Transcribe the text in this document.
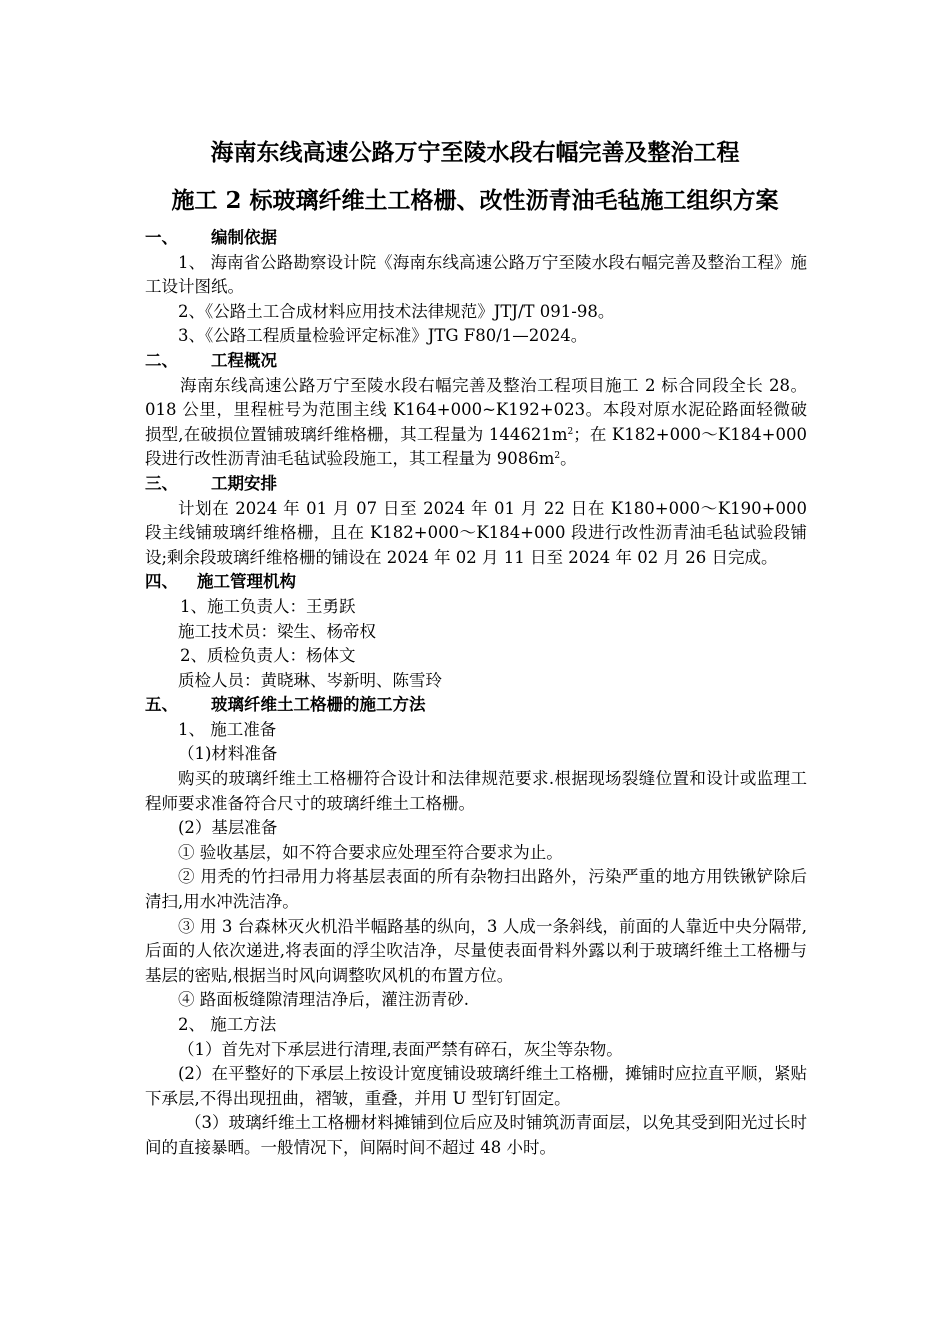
海南东线高速公路万宁至陵水段右幅完善及整治工程
施工 2 标玻璃纤维土工格栅、改性沥青油毛毡施工组织方案
一、 编制依据

1、 海南省公路勘察设计院《海南东线高速公路万宁至陵水段右幅完善及整治工程》施工设计图纸。

2、《公路土工合成材料应用技术法律规范》JTJ/T 091-98。

3、《公路工程质量检验评定标准》JTG F80/1—2024。

二、 工程概况

海南东线高速公路万宁至陵水段右幅完善及整治工程项目施工 2 标合同段全长 28。018 公里，里程桩号为范围主线 K164+000~K192+023。本段对原水泥砼路面轻微破损型,在破损位置铺玻璃纤维格栅，其工程量为 $144621m^2$；在 K182+000～K184+000 段进行改性沥青油毛毡试验段施工，其工程量为 $9086m^2$。

三、 工期安排

计划在 2024 年 01 月 07 日至 2024 年 01 月 22 日在 K180+000～K190+000 段主线铺玻璃纤维格栅，且在 K182+000～K184+000 段进行改性沥青油毛毡试验段铺设;剩余段玻璃纤维格栅的铺设在 2024 年 02 月 11 日至 2024 年 02 月 26 日完成。

四、 施工管理机构

1、施工负责人：王勇跃

施工技术员：梁生、杨帝权

2、质检负责人：杨体文

质检人员：黄晓琳、岑新明、陈雪玲

五、 玻璃纤维土工格栅的施工方法

1、 施工准备

（1)材料准备

购买的玻璃纤维土工格栅符合设计和法律规范要求.根据现场裂缝位置和设计或监理工程师要求准备符合尺寸的玻璃纤维土工格栅。

(2）基层准备

① 验收基层，如不符合要求应处理至符合要求为止。

② 用秃的竹扫帚用力将基层表面的所有杂物扫出路外，污染严重的地方用铁锹铲除后清扫,用水冲洗洁净。

③ 用 3 台森林灭火机沿半幅路基的纵向，3 人成一条斜线，前面的人靠近中央分隔带,后面的人依次递进,将表面的浮尘吹洁净，尽量使表面骨料外露以利于玻璃纤维土工格栅与基层的密贴,根据当时风向调整吹风机的布置方位。

④ 路面板缝隙清理洁净后，灌注沥青砂.

2、 施工方法

（1）首先对下承层进行清理,表面严禁有碎石，灰尘等杂物。

(2）在平整好的下承层上按设计宽度铺设玻璃纤维土工格栅，摊铺时应拉直平顺，紧贴下承层,不得出现扭曲，褶皱，重叠，并用 U 型钉钉固定。

（3）玻璃纤维土工格栅材料摊铺到位后应及时铺筑沥青面层，以免其受到阳光过长时间的直接暴晒。一般情况下，间隔时间不超过 48 小时。
